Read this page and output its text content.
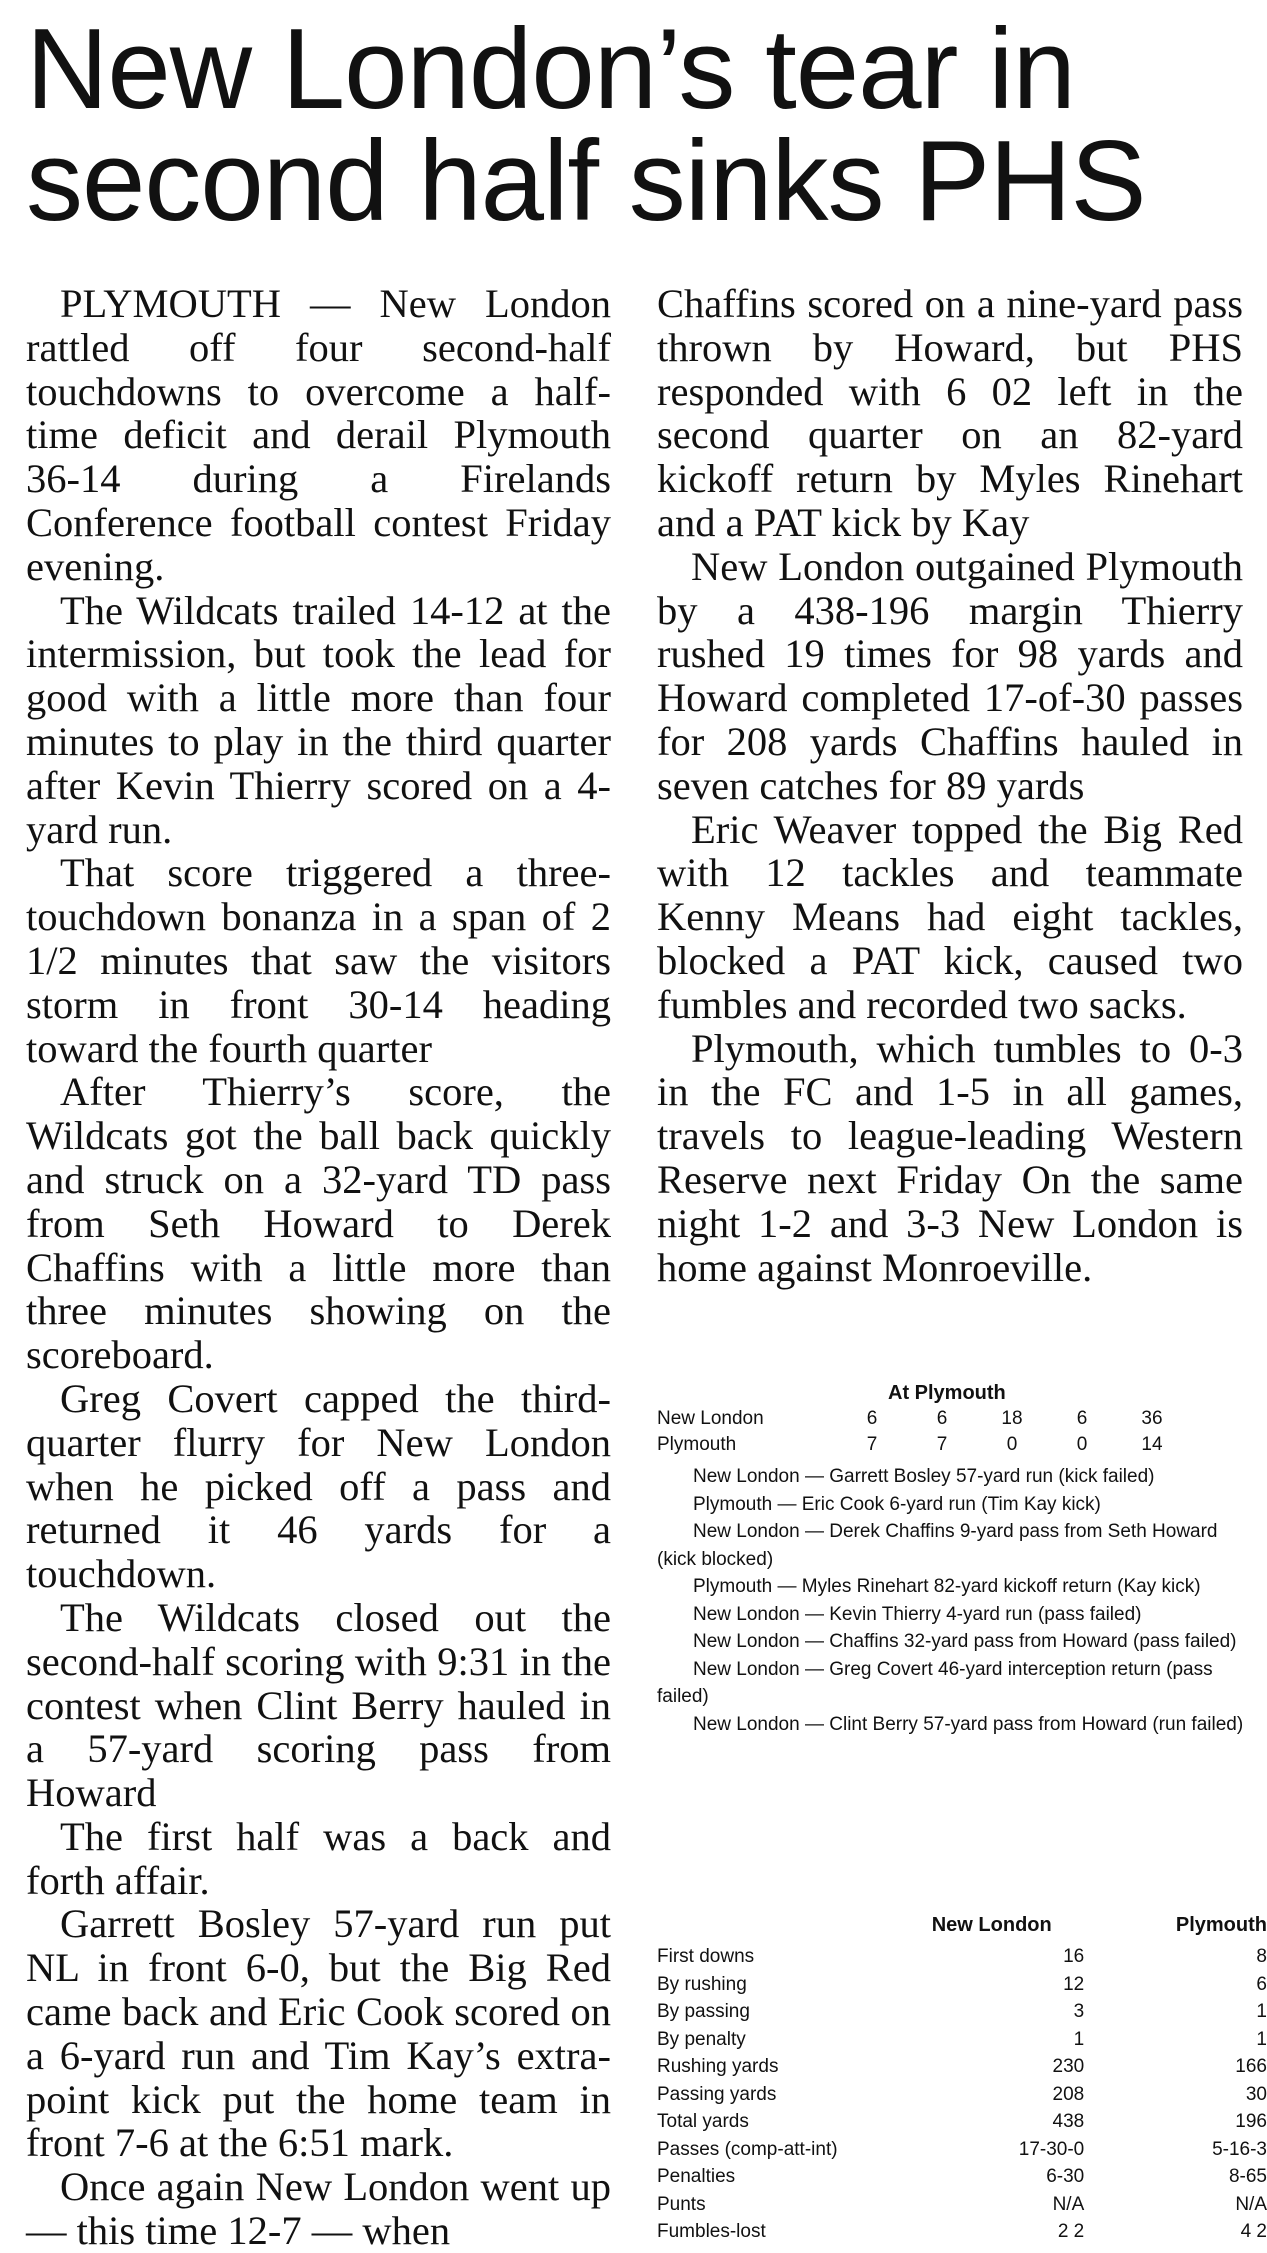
New London’s tear in
second half sinks PHS

PLYMOUTH — New London rattled off four second-half touchdowns to overcome a half-time deficit and derail Plymouth 36-14 during a Firelands Conference football contest Friday evening.

The Wildcats trailed 14-12 at the intermission, but took the lead for good with a little more than four minutes to play in the third quarter after Kevin Thierry scored on a 4-yard run.

That score triggered a three-touchdown bonanza in a span of 2 1/2 minutes that saw the visitors storm in front 30-14 heading toward the fourth quarter

After Thierry’s score, the Wildcats got the ball back quickly and struck on a 32-yard TD pass from Seth Howard to Derek Chaffins with a little more than three minutes showing on the scoreboard.

Greg Covert capped the third-quarter flurry for New London when he picked off a pass and returned it 46 yards for a touchdown.

The Wildcats closed out the second-half scoring with 9:31 in the contest when Clint Berry hauled in a 57-yard scoring pass from Howard

The first half was a back and forth affair.

Garrett Bosley 57-yard run put NL in front 6-0, but the Big Red came back and Eric Cook scored on a 6-yard run and Tim Kay’s extra-point kick put the home team in front 7-6 at the 6:51 mark.

Once again New London went up — this time 12-7 — when

Chaffins scored on a nine-yard pass thrown by Howard, but PHS responded with 6 02 left in the second quarter on an 82-yard kickoff return by Myles Rinehart and a PAT kick by Kay

New London outgained Plymouth by a 438-196 margin Thierry rushed 19 times for 98 yards and Howard completed 17-of-30 passes for 208 yards Chaffins hauled in seven catches for 89 yards

Eric Weaver topped the Big Red with 12 tackles and teammate Kenny Means had eight tackles, blocked a PAT kick, caused two fumbles and recorded two sacks.

Plymouth, which tumbles to 0-3 in the FC and 1-5 in all games, travels to league-leading Western Reserve next Friday On the same night 1-2 and 3-3 New London is home against Monroeville.

At Plymouth
New London	6	6	18	6	36
Plymouth	7	7	0	0	14

New London — Garrett Bosley 57-yard run (kick failed)

Plymouth — Eric Cook 6-yard run (Tim Kay kick)

New London — Derek Chaffins 9-yard pass from Seth Howard (kick blocked)

Plymouth — Myles Rinehart 82-yard kickoff return (Kay kick)

New London — Kevin Thierry 4-yard run (pass failed)

New London — Chaffins 32-yard pass from Howard (pass failed)

New London — Greg Covert 46-yard interception return (pass failed)

New London — Clint Berry 57-yard pass from Howard (run failed)

	New London	Plymouth
First downs	16	8
By rushing	12	6
By passing	3	1
By penalty	1	1
Rushing yards	230	166
Passing yards	208	30
Total yards	438	196
Passes (comp-att-int)	17-30-0	5-16-3
Penalties	6-30	8-65
Punts	N/A	N/A
Fumbles-lost	2 2	4 2
